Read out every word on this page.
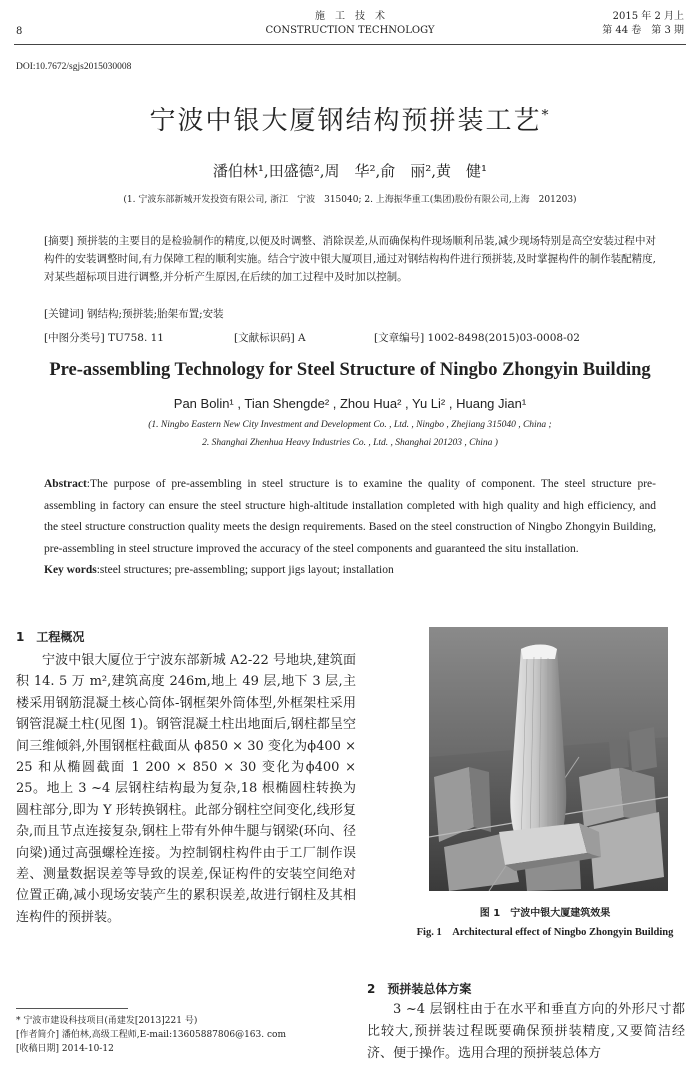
8
施　工　技　术
CONSTRUCTION TECHNOLOGY
2015 年 2 月上
第 44 卷　第 3 期
DOI:10.7672/sgjs2015030008
宁波中银大厦钢结构预拼装工艺*
潘伯林¹,田盛德²,周　华²,俞　丽²,黄　健¹
(1. 宁波东部新城开发投资有限公司, 浙江　宁波　315040; 2. 上海振华重工(集团)股份有限公司,上海　201203)
[摘要] 预拼装的主要目的是检验制作的精度,以便及时调整、消除误差,从而确保构件现场顺利吊装,减少现场特别是高空安装过程中对构件的安装调整时间,有力保障工程的顺利实施。结合宁波中银大厦项目,通过对钢结构构件进行预拼装,及时掌握构件的制作装配精度,对某些超标项目进行调整,并分析产生原因,在后续的加工过程中及时加以控制。
[关键词] 钢结构;预拼装;胎架布置;安装
[中图分类号] TU758. 11	[文献标识码] A	[文章编号] 1002-8498(2015)03-0008-02
Pre-assembling Technology for Steel Structure of Ningbo Zhongyin Building
Pan Bolin¹ , Tian Shengde² , Zhou Hua² , Yu Li² , Huang Jian¹
(1. Ningbo Eastern New City Investment and Development Co. , Ltd. , Ningbo , Zhejiang 315040 , China ;
2. Shanghai Zhenhua Heavy Industries Co. , Ltd. , Shanghai 201203 , China )
Abstract:The purpose of pre-assembling in steel structure is to examine the quality of component. The steel structure pre-assembling in factory can ensure the steel structure high-altitude installation completed with high quality and high efficiency, and the steel structure construction quality meets the design requirements. Based on the steel construction of Ningbo Zhongyin Building, pre-assembling in steel structure improved the accuracy of the steel components and guaranteed the situ installation.
Key words:steel structures; pre-assembling; support jigs layout; installation
1　工程概况
宁波中银大厦位于宁波东部新城 A2-22 号地块,建筑面积 14. 5 万 m²,建筑高度 246m,地上 49 层,地下 3 层,主楼采用钢筋混凝土核心筒体-钢框架外筒体型,外框架柱采用钢管混凝土柱(见图 1)。钢管混凝土柱出地面后,钢柱都呈空间三维倾斜,外围钢框柱截面从 ϕ850 × 30 变化为ϕ400 × 25 和从椭圆截面 1 200 × 850 × 30 变化为ϕ400 × 25。地上 3 ~4 层钢柱结构最为复杂,18 根椭圆柱转换为圆柱部分,即为 Y 形转换钢柱。此部分钢柱空间变化,线形复杂,而且节点连接复杂,钢柱上带有外伸牛腿与钢梁(环向、径向梁)通过高强螺栓连接。为控制钢柱构件由于工厂制作误差、测量数据误差等导致的误差,保证构件的安装空间绝对位置正确,减小现场安装产生的累积误差,故进行钢柱及其相连构件的预拼装。	图 1　宁波中银大厦建筑效果
Fig. 1　Architectural effect of Ningbo Zhongyin Building
2　预拼装总体方案
3 ~4 层钢柱由于在水平和垂直方向的外形尺寸都比较大,预拼装过程既要确保预拼装精度,又要简洁经济、便于操作。选用合理的预拼装总体方
* 宁波市建设科技项目(甬建发[2013]221 号)
[作者简介] 潘伯林,高级工程师,E-mail:13605887806@163. com
[收稿日期] 2014-10-12
